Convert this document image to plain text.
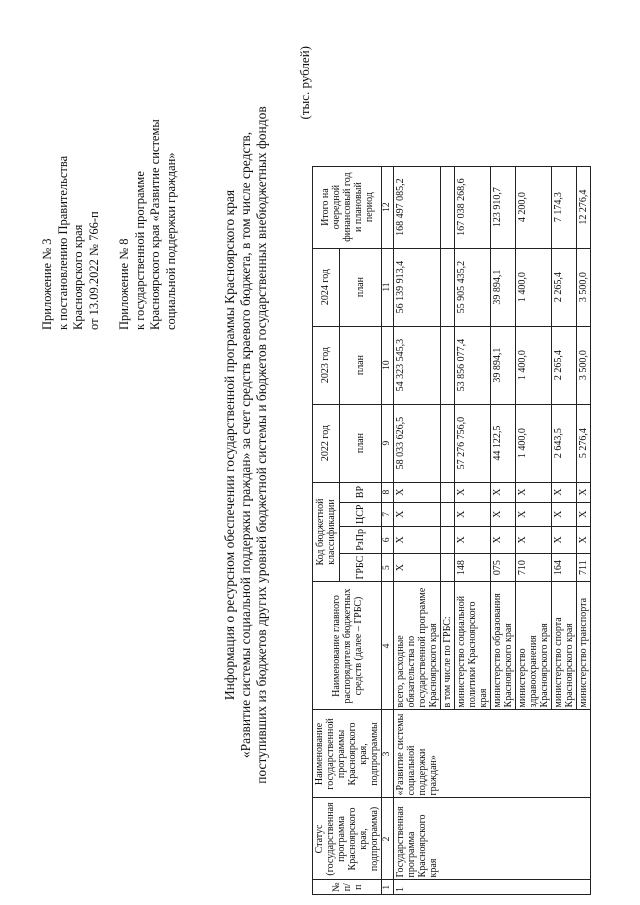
Приложение № 3 к постановлению Правительства Красноярского края от 13.09.2022 № 766-п Приложение № 8 к государственной программе Красноярского края «Развитие системы социальной поддержки граждан»	Информация о ресурсном обеспечении государственной программы Красноярского края «Развитие системы социальной поддержки граждан» за счет средств краевого бюджета, в том числе средств, поступивших из бюджетов других уровней бюджетной системы и бюджетов государственных внебюджетных фондов
(тыс. рублей)
№ п/п	Статус (государственная программа Красноярского края, подпрограмма)	Наименование государственной программы Красноярского края, подпрограммы	Наименование главного распорядителя бюджетных средств (далее – ГРБС)	Код бюджетной классификации				2022 год	2023 год	2024 год	Итого на очередной финансовый год и плановый период
				ГРБС	РзПр	ЦСР	ВР	план	план	план	
1	2	3	4	5	6	7	8	9	10	11	12
1	Государственная программа Красноярского края	«Развитие системы социальной поддержки граждан»	всего, расходные обязательства по государственной программе Красноярского края	X	X	X	X	58 033 626,5	54 323 545,3	56 139 913,4	168 497 085,2
			в том числе по ГРБС:								
			министерство социальной политики Красноярского края	148	X	X	X	57 276 756,0	53 856 077,4	55 905 435,2	167 038 268,6
			министерство образования Красноярского края	075	X	X	X	44 122,5	39 894,1	39 894,1	123 910,7
			министерство здравоохранения Красноярского края	710	X	X	X	1 400,0	1 400,0	1 400,0	4 200,0
			министерство спорта Красноярского края	164	X	X	X	2 643,5	2 265,4	2 265,4	7 174,3
			министерство транспорта	711	X	X	X	5 276,4	3 500,0	3 500,0	12 276,4
